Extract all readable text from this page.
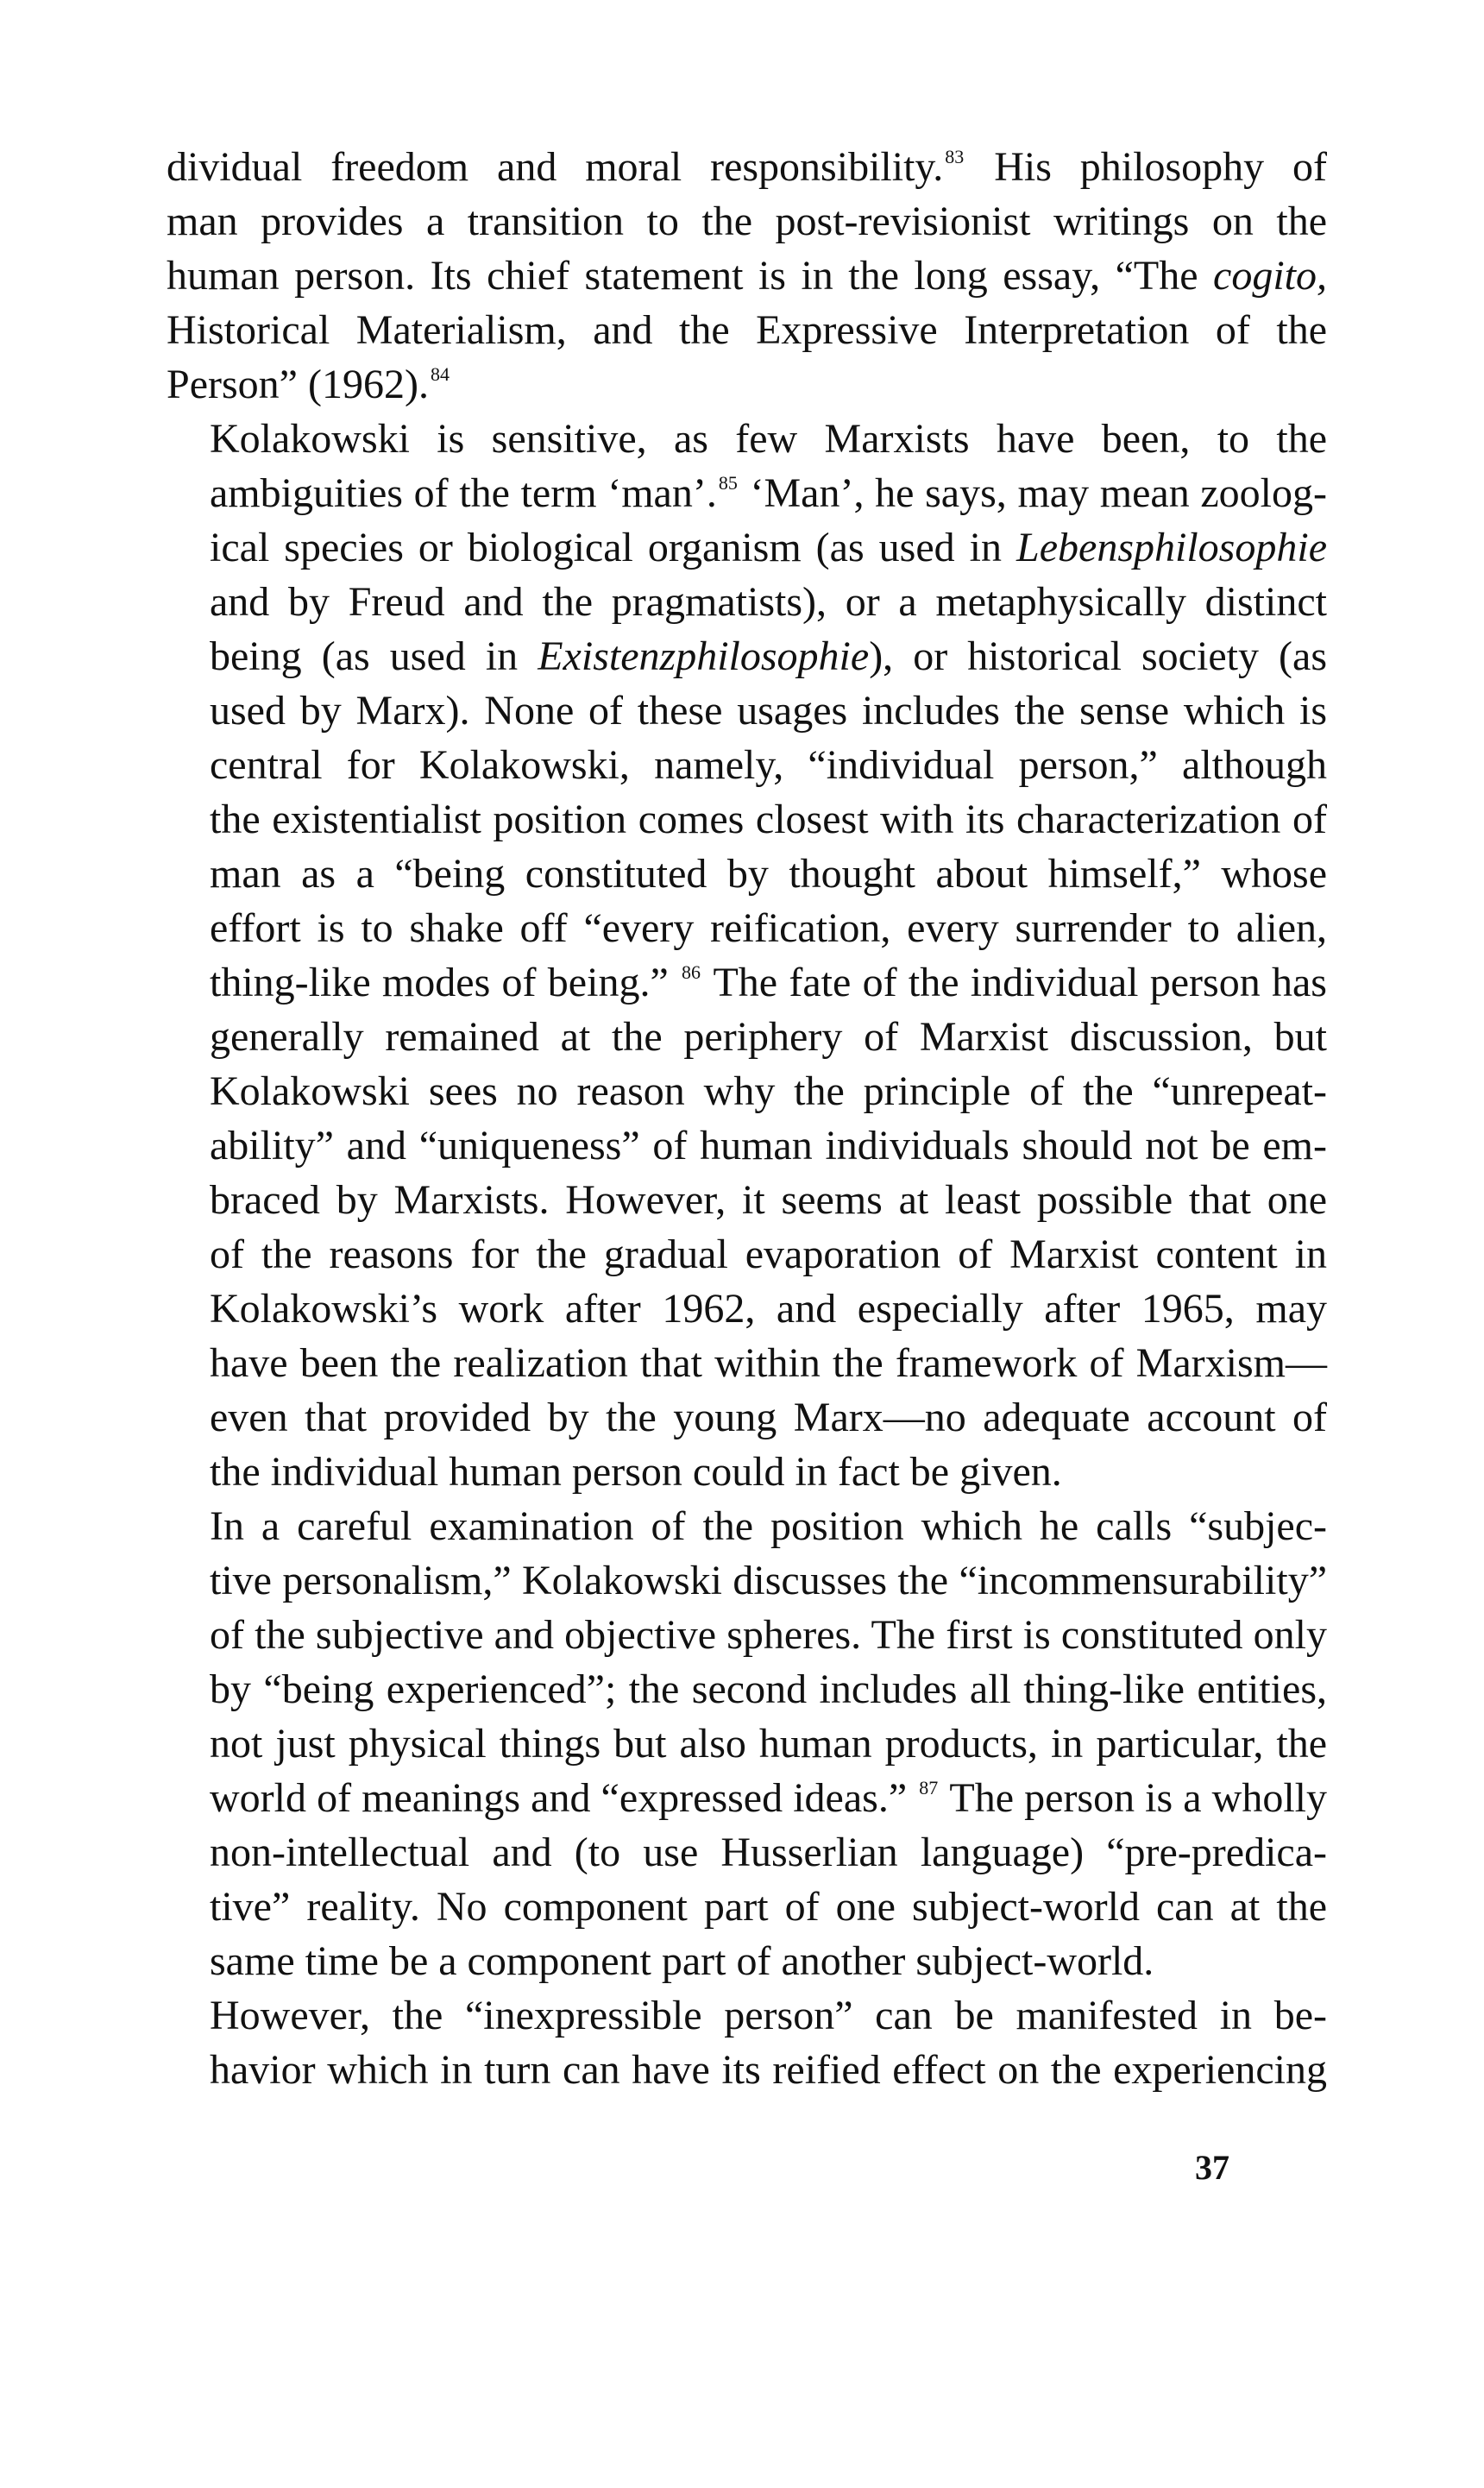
dividual freedom and moral responsibility.$^{83}$ His philosophy of
man provides a transition to the post-revisionist writings on the
human person. Its chief statement is in the long essay, “The cogito,
Historical Materialism, and the Expressive Interpretation of the
Person” (1962).$^{84}$
Kolakowski is sensitive, as few Marxists have been, to the
ambiguities of the term ‘man’.$^{85}$ ‘Man’, he says, may mean zoolog-
ical species or biological organism (as used in Lebensphilosophie
and by Freud and the pragmatists), or a metaphysically distinct
being (as used in Existenzphilosophie), or historical society (as
used by Marx). None of these usages includes the sense which is
central for Kolakowski, namely, “individual person,” although
the existentialist position comes closest with its characterization of
man as a “being constituted by thought about himself,” whose
effort is to shake off “every reification, every surrender to alien,
thing-like modes of being.” $^{86}$ The fate of the individual person has
generally remained at the periphery of Marxist discussion, but
Kolakowski sees no reason why the principle of the “unrepeat-
ability” and “uniqueness” of human individuals should not be em-
braced by Marxists. However, it seems at least possible that one
of the reasons for the gradual evaporation of Marxist content in
Kolakowski’s work after 1962, and especially after 1965, may
have been the realization that within the framework of Marxism—
even that provided by the young Marx—no adequate account of
the individual human person could in fact be given.
In a careful examination of the position which he calls “subjec-
tive personalism,” Kolakowski discusses the “incommensurability”
of the subjective and objective spheres. The first is constituted only
by “being experienced”; the second includes all thing-like entities,
not just physical things but also human products, in particular, the
world of meanings and “expressed ideas.” $^{87}$ The person is a wholly
non-intellectual and (to use Husserlian language) “pre-predica-
tive” reality. No component part of one subject-world can at the
same time be a component part of another subject-world.
However, the “inexpressible person” can be manifested in be-
havior which in turn can have its reified effect on the experiencing
37
